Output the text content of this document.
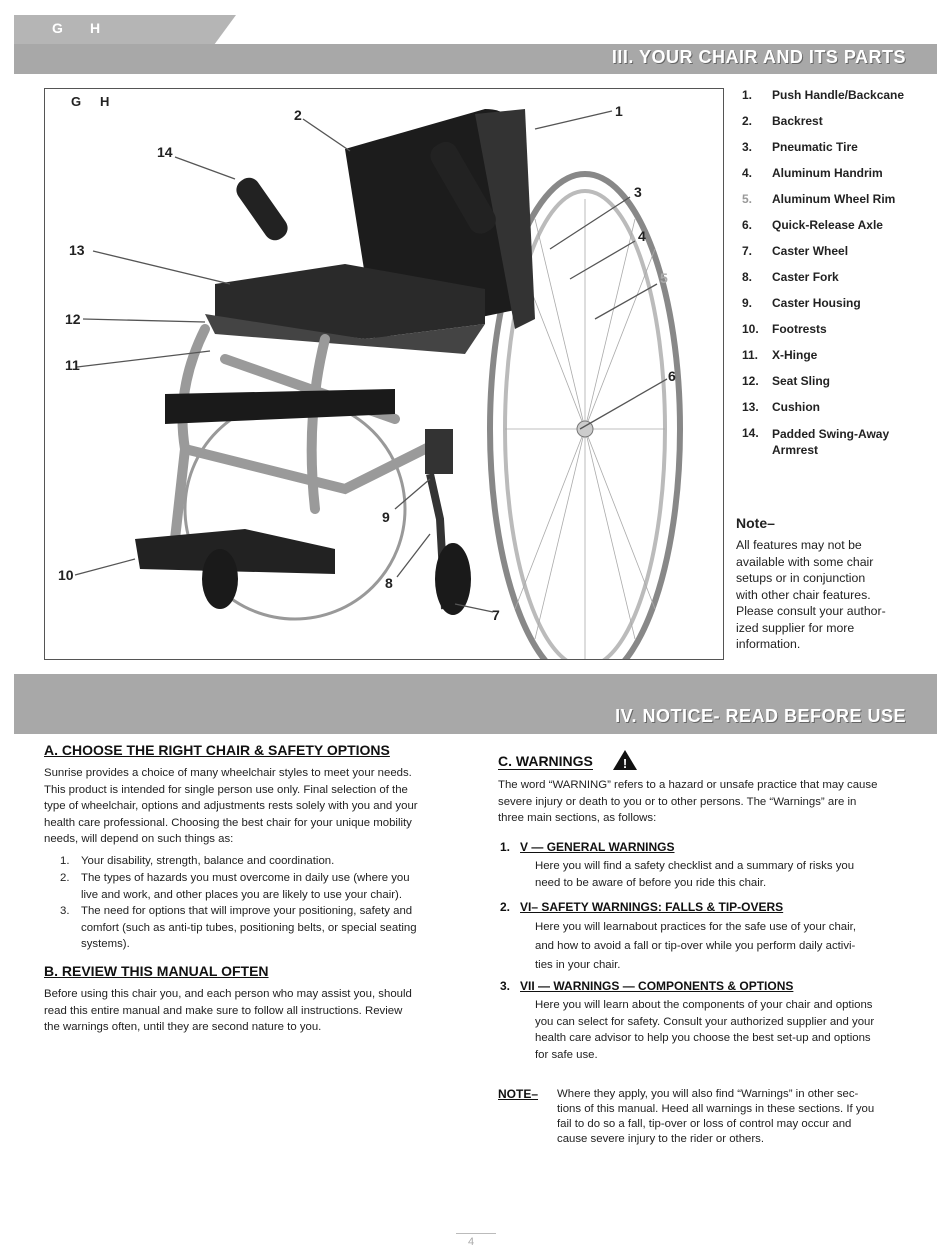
G H
III. YOUR CHAIR AND ITS PARTS
1
2
3
4
5
6
7
8
9
10
11
12
13
14
G H	1. Push Handle/Backcane
2. Backrest
3. Pneumatic Tire
4. Aluminum Handrim
5. Aluminum Wheel Rim
6. Quick-Release Axle
7. Caster Wheel
8. Caster Fork
9. Caster Housing
10. Footrests
11. X-Hinge
12. Seat Sling
13. Cushion
14. Padded Swing-Away Armrest
Note–
All features may not be
available with some chair
setups or in conjunction
with other chair features.
Please consult your author-
ized supplier for more
information.
IV. NOTICE- READ BEFORE USE
A. CHOOSE THE RIGHT CHAIR & SAFETY OPTIONS
Sunrise provides a choice of many wheelchair styles to meet your needs.
This product is intended for single person use only. Final selection of the
type of wheelchair, options and adjustments rests solely with you and your
health care professional. Choosing the best chair for your unique mobility
needs, will depend on such things as:
1. Your disability, strength, balance and coordination.
2. The types of hazards you must overcome in daily use (where you
live and work, and other places you are likely to use your chair).
3. The need for options that will improve your positioning, safety and
comfort (such as anti-tip tubes, positioning belts, or special seating
systems).
B. REVIEW THIS MANUAL OFTEN
Before using this chair you, and each person who may assist you, should
read this entire manual and make sure to follow all instructions. Review
the warnings often, until they are second nature to you.
C. WARNINGS !
The word “WARNING” refers to a hazard or unsafe practice that may cause
severe injury or death to you or to other persons. The “Warnings” are in
three main sections, as follows:
1. V — GENERAL WARNINGS
Here you will find a safety checklist and a summary of risks you
need to be aware of before you ride this chair.
2. VI– SAFETY WARNINGS: FALLS & TIP-OVERS
Here you will learnabout practices for the safe use of your chair,
and how to avoid a fall or tip-over while you perform daily activi-
ties in your chair.
3. VII — WARNINGS — COMPONENTS & OPTIONS
Here you will learn about the components of your chair and options
you can select for safety. Consult your authorized supplier and your
health care advisor to help you choose the best set-up and options
for safe use.
NOTE– Where they apply, you will also find “Warnings” in other sec-
tions of this manual. Heed all warnings in these sections. If you
fail to do so a fall, tip-over or loss of control may occur and
cause severe injury to the rider or others.
4
